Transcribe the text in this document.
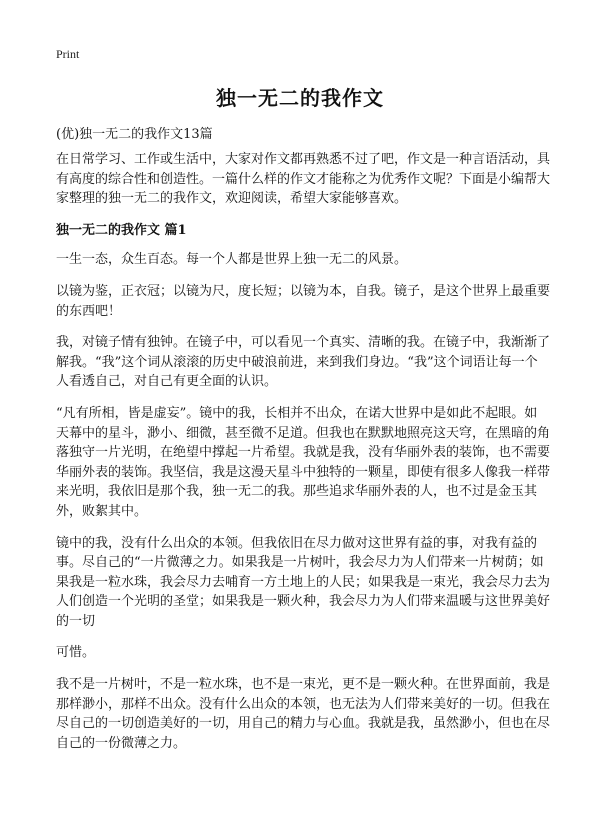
Print
独一无二的我作文
(优)独一无二的我作文13篇

在日常学习、工作或生活中，大家对作文都再熟悉不过了吧，作文是一种言语活动，具有高度的综合性和创造性。一篇什么样的作文才能称之为优秀作文呢？下面是小编帮大家整理的独一无二的我作文，欢迎阅读，希望大家能够喜欢。

独一无二的我作文 篇1

一生一态，众生百态。每一个人都是世界上独一无二的风景。

以镜为鉴，正衣冠；以镜为尺，度长短；以镜为本，自我。镜子，是这个世界上最重要的东西吧！

我，对镜子情有独钟。在镜子中，可以看见一个真实、清晰的我。在镜子中，我渐渐了解我。“我”这个词从滚滚的历史中破浪前进，来到我们身边。“我”这个词语让每一个人看透自己，对自己有更全面的认识。

“凡有所相，皆是虚妄”。镜中的我，长相并不出众，在诺大世界中是如此不起眼。如天幕中的星斗，渺小、细微，甚至微不足道。但我也在默默地照亮这天穹，在黑暗的角落独守一片光明，在绝望中撑起一片希望。我就是我，没有华丽外表的装饰，也不需要华丽外表的装饰。我坚信，我是这漫天星斗中独特的一颗星，即使有很多人像我一样带来光明，我依旧是那个我，独一无二的我。那些追求华丽外表的人，也不过是金玉其外，败絮其中。

镜中的我，没有什么出众的本领。但我依旧在尽力做对这世界有益的事，对我有益的事。尽自己的“一片微薄之力。如果我是一片树叶，我会尽力为人们带来一片树荫；如果我是一粒水珠，我会尽力去哺育一方土地上的人民；如果我是一束光，我会尽力去为人们创造一个光明的圣堂；如果我是一颗火种，我会尽力为人们带来温暖与这世界美好的一切

可惜。

我不是一片树叶，不是一粒水珠，也不是一束光，更不是一颗火种。在世界面前，我是那样渺小，那样不出众。没有什么出众的本领，也无法为人们带来美好的一切。但我在尽自己的一切创造美好的一切，用自己的精力与心血。我就是我，虽然渺小，但也在尽自己的一份微薄之力。
